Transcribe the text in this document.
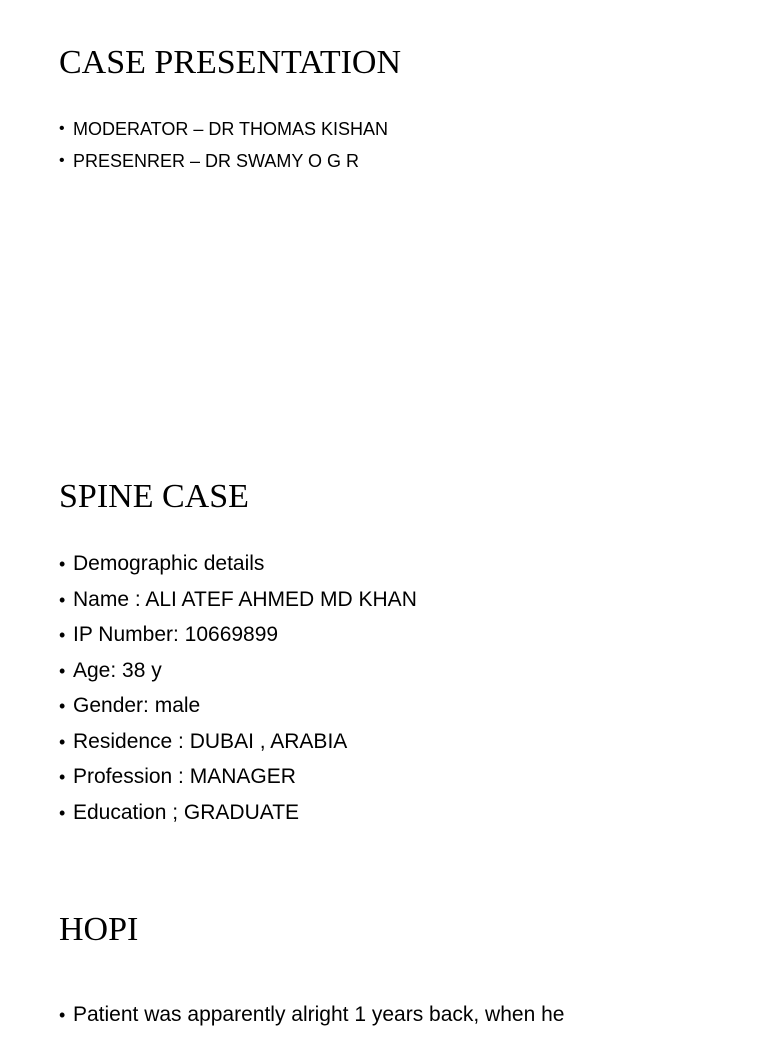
CASE PRESENTATION
• MODERATOR – DR THOMAS KISHAN
• PRESENRER – DR SWAMY O G R
SPINE CASE
• Demographic details
• Name : ALI ATEF AHMED MD KHAN
• IP Number: 10669899
• Age: 38 y
• Gender: male
• Residence : DUBAI , ARABIA
• Profession : MANAGER
• Education ; GRADUATE
HOPI
• Patient was apparently alright 1 years back, when he
